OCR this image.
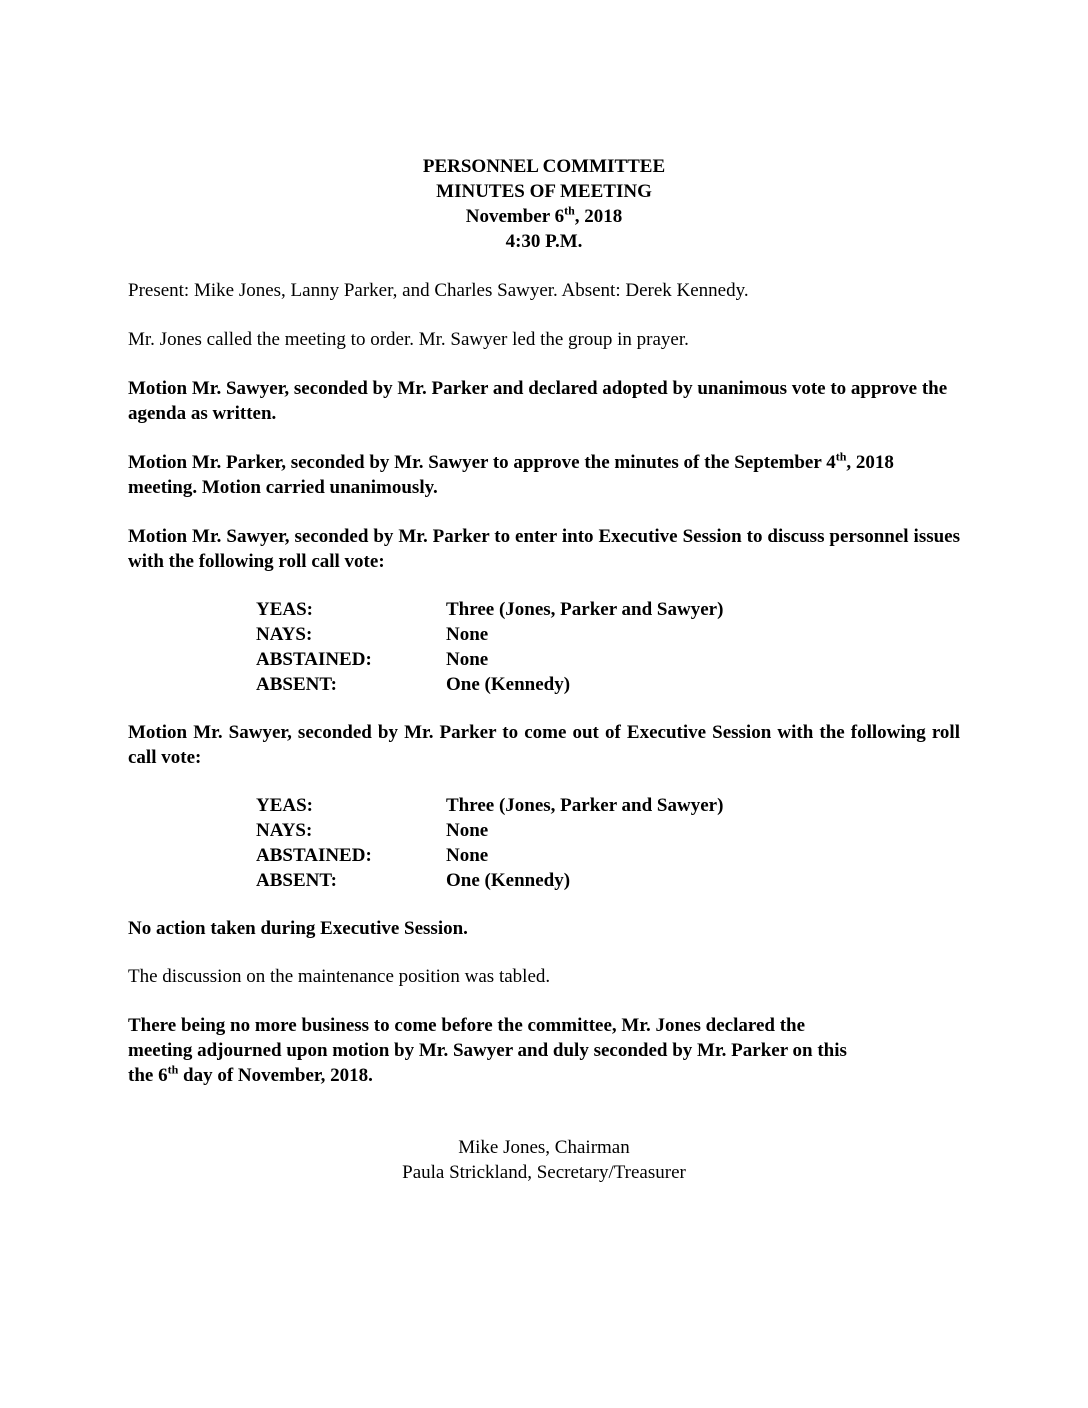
PERSONNEL COMMITTEE
MINUTES OF MEETING
November 6th, 2018
4:30 P.M.

Present: Mike Jones, Lanny Parker, and Charles Sawyer. Absent: Derek Kennedy.

Mr. Jones called the meeting to order. Mr. Sawyer led the group in prayer.

Motion Mr. Sawyer, seconded by Mr. Parker and declared adopted by unanimous vote to approve the agenda as written.

Motion Mr. Parker, seconded by Mr. Sawyer to approve the minutes of the September 4th, 2018 meeting. Motion carried unanimously.

Motion Mr. Sawyer, seconded by Mr. Parker to enter into Executive Session to discuss personnel issues with the following roll call vote:

YEAS:	Three (Jones, Parker and Sawyer)
NAYS:	None
ABSTAINED:	None
ABSENT:	One (Kennedy)

Motion Mr. Sawyer, seconded by Mr. Parker to come out of Executive Session with the following roll call vote:

YEAS:	Three (Jones, Parker and Sawyer)
NAYS:	None
ABSTAINED:	None
ABSENT:	One (Kennedy)

No action taken during Executive Session.

The discussion on the maintenance position was tabled.

There being no more business to come before the committee, Mr. Jones declared the
meeting adjourned upon motion by Mr. Sawyer and duly seconded by Mr. Parker on this
the 6th day of November, 2018.
Mike Jones, Chairman
Paula Strickland, Secretary/Treasurer
